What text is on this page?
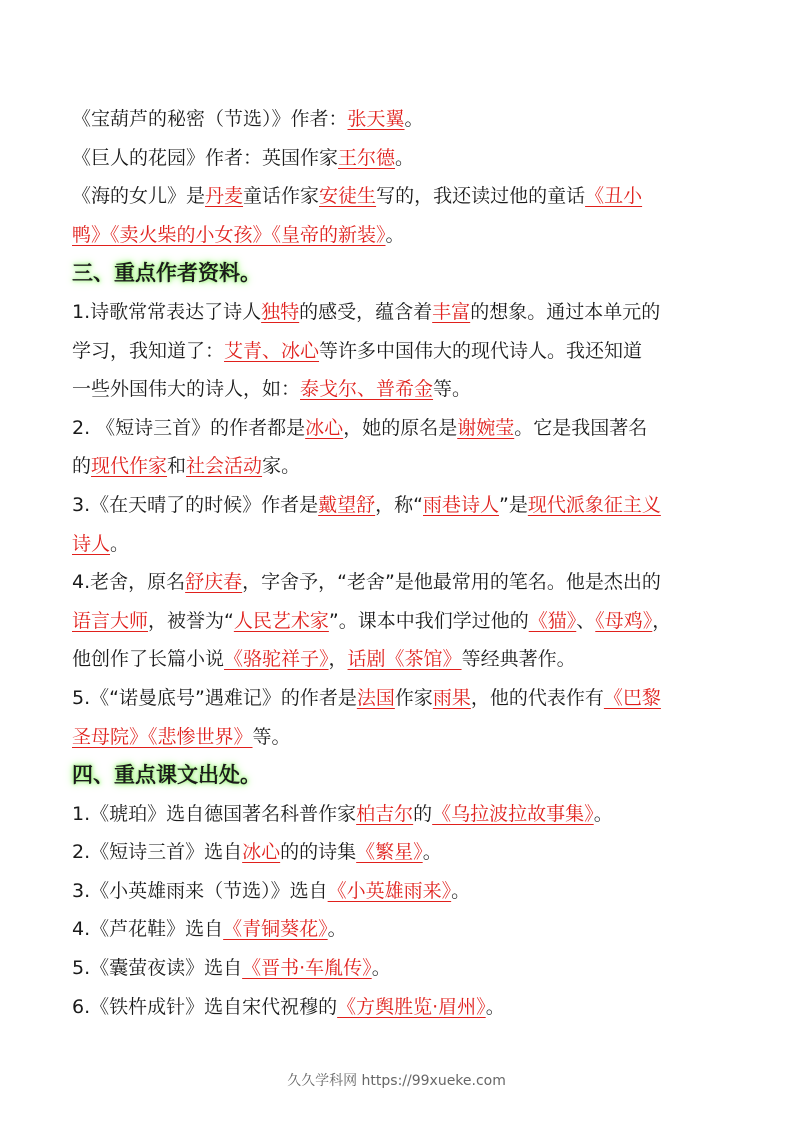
《宝葫芦的秘密（节选）》作者：张天翼。
《巨人的花园》作者：英国作家王尔德。
《海的女儿》是丹麦童话作家安徒生写的，我还读过他的童话《丑小
鸭》《卖火柴的小女孩》《皇帝的新装》。
三、重点作者资料。
1.诗歌常常表达了诗人独特的感受，蕴含着丰富的想象。通过本单元的
学习，我知道了：艾青、冰心等许多中国伟大的现代诗人。我还知道
一些外国伟大的诗人，如：泰戈尔、普希金等。
2. 《短诗三首》的作者都是冰心，她的原名是谢婉莹。它是我国著名
的现代作家和社会活动家。
3.《在天晴了的时候》作者是戴望舒，称“雨巷诗人”是现代派象征主义
诗人。
4.老舍，原名舒庆春，字舍予，“老舍”是他最常用的笔名。他是杰出的
语言大师，被誉为“人民艺术家”。课本中我们学过他的《猫》、《母鸡》，
他创作了长篇小说《骆驼祥子》，话剧《茶馆》等经典著作。
5.《“诺曼底号”遇难记》的作者是法国作家雨果，他的代表作有《巴黎
圣母院》《悲惨世界》等。
四、重点课文出处。
1.《琥珀》选自德国著名科普作家柏吉尔的《乌拉波拉故事集》。
2.《短诗三首》选自冰心的的诗集《繁星》。
3.《小英雄雨来（节选）》选自《小英雄雨来》。
4.《芦花鞋》选自《青铜葵花》。
5.《囊萤夜读》选自《晋书·车胤传》。
6.《铁杵成针》选自宋代祝穆的《方舆胜览·眉州》。
久久学科网 https://99xueke.com
